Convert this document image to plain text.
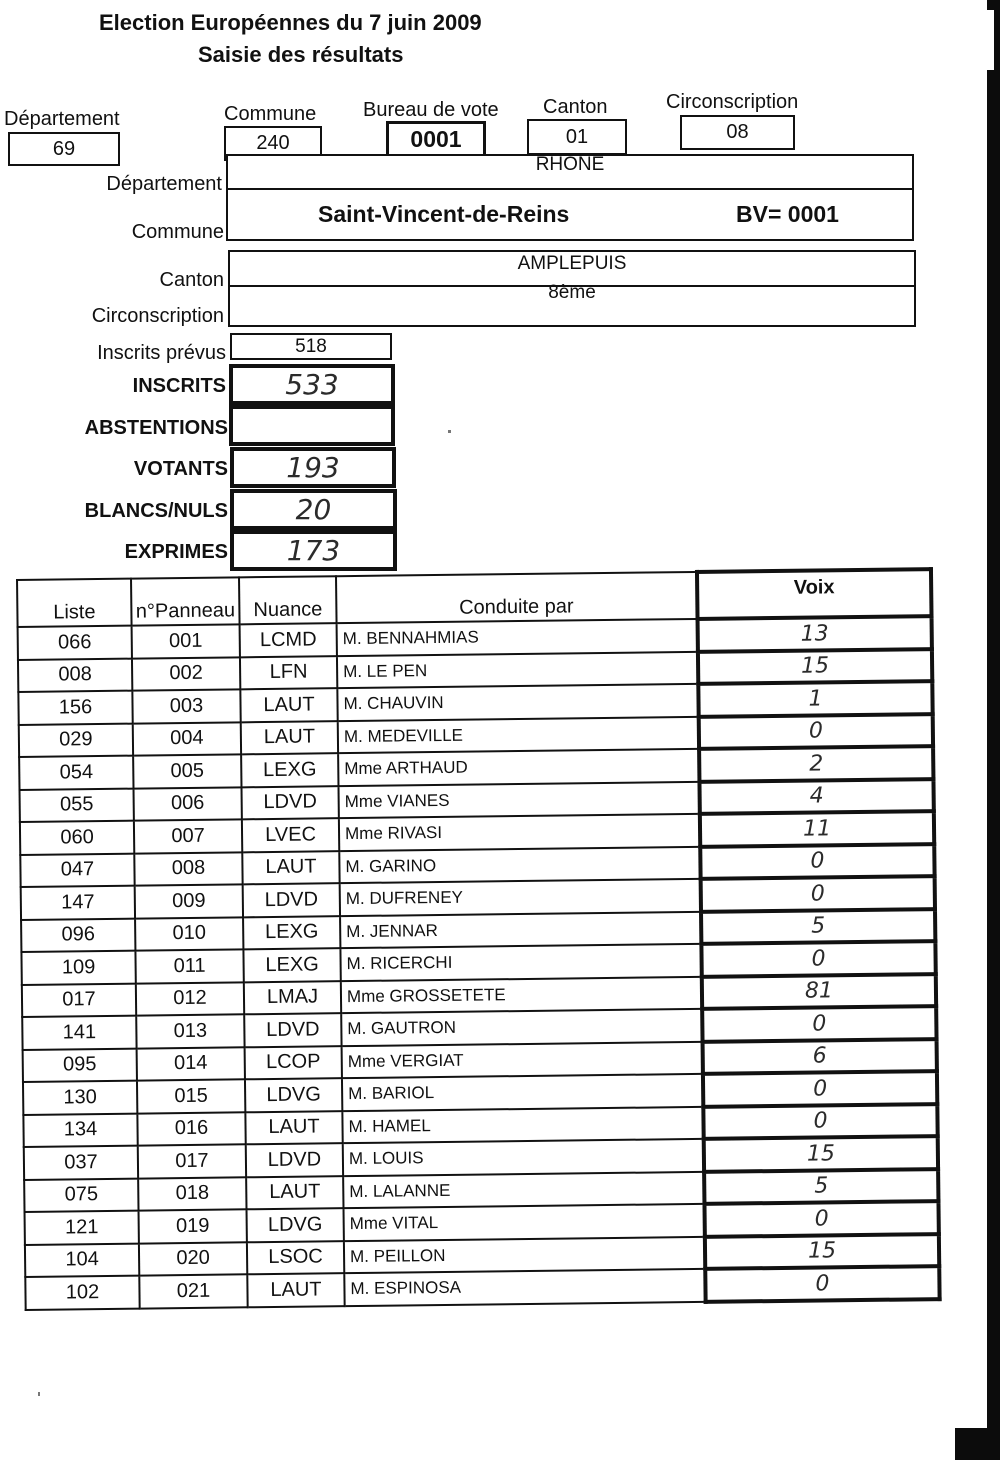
Election Européennes du 7 juin 2009
Saisie des résultats
Département
69
Commune
240
Bureau de vote
0001
Canton
01
Circonscription
08
Département
RHONE
Commune
Saint-Vincent-de-Reins	BV= 0001
Canton
AMPLEPUIS
Circonscription
8ème
Inscrits prévus	518
INSCRITS 533
ABSTENTIONS
VOTANTS 193
BLANCS/NULS 20
EXPRIMES 173
Liste	n°Panneau	Nuance	Conduite par	Voix
066	001	LCMD	M. BENNAHMIAS	13
008	002	LFN	M. LE PEN	15
156	003	LAUT	M. CHAUVIN	1
029	004	LAUT	M. MEDEVILLE	0
054	005	LEXG	Mme ARTHAUD	2
055	006	LDVD	Mme VIANES	4
060	007	LVEC	Mme RIVASI	11
047	008	LAUT	M. GARINO	0
147	009	LDVD	M. DUFRENEY	0
096	010	LEXG	M. JENNAR	5
109	011	LEXG	M. RICERCHI	0
017	012	LMAJ	Mme GROSSETETE	81
141	013	LDVD	M. GAUTRON	0
095	014	LCOP	Mme VERGIAT	6
130	015	LDVG	M. BARIOL	0
134	016	LAUT	M. HAMEL	0
037	017	LDVD	M. LOUIS	15
075	018	LAUT	M. LALANNE	5
121	019	LDVG	Mme VITAL	0
104	020	LSOC	M. PEILLON	15
102	021	LAUT	M. ESPINOSA	0
